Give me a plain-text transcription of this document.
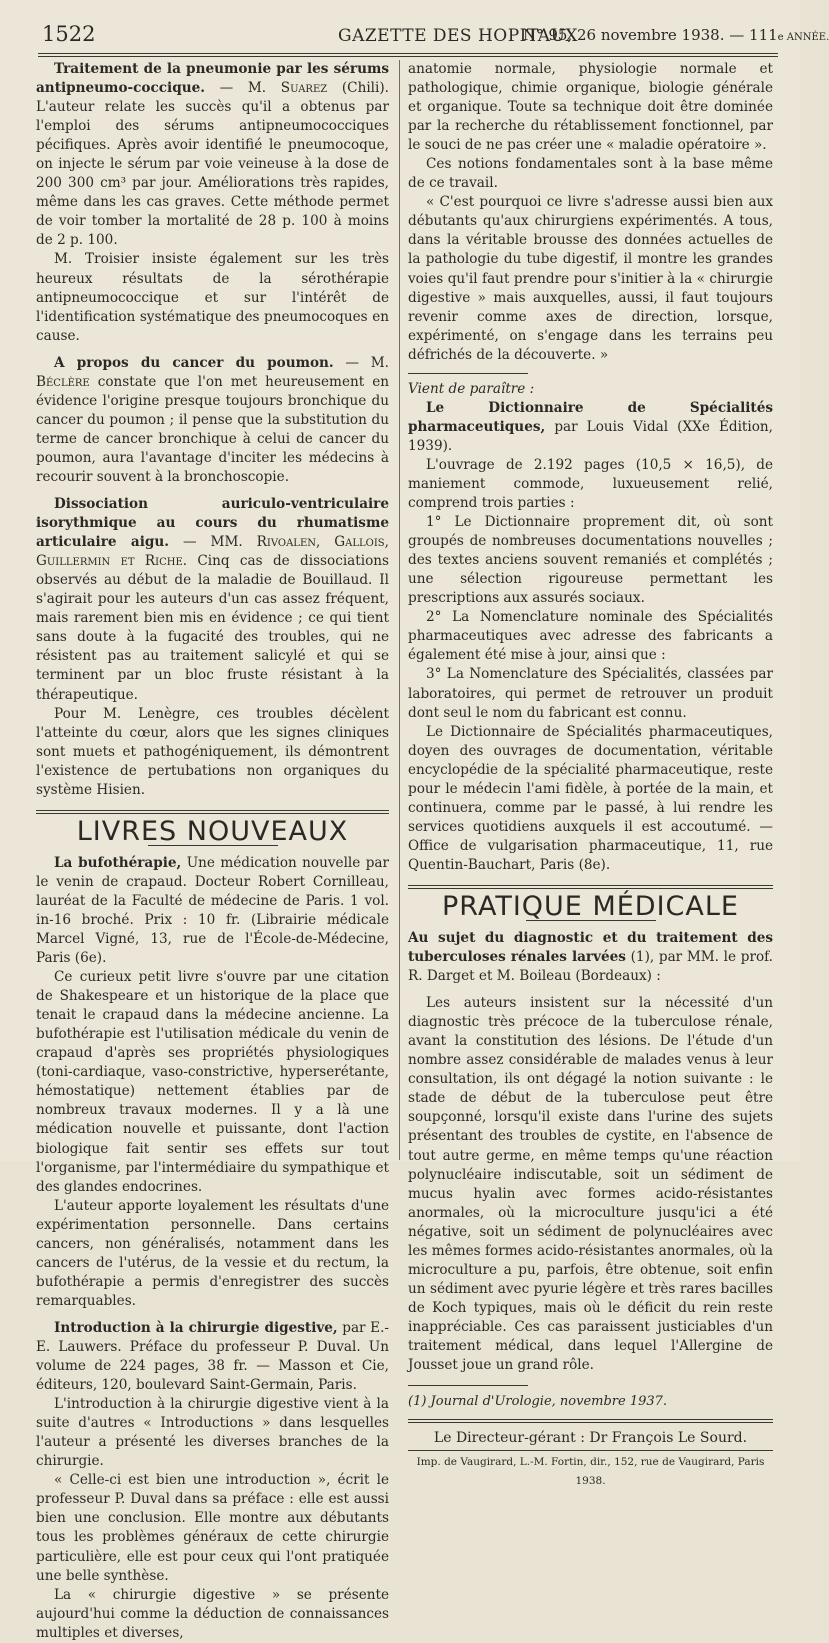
1522	GAZETTE DES HOPITAUX
N° 95, 26 novembre 1938. — 111e ANNÉE.

Traitement de la pneumonie par les sérums antipneumo-coccique. — M. Suarez (Chili). L'auteur relate les succès qu'il a obtenus par l'emploi des sérums antipneumococciques pécifiques. Après avoir identifié le pneumocoque, on injecte le sérum par voie veineuse à la dose de 200 300 cm³ par jour. Améliorations très rapides, même dans les cas graves. Cette méthode permet de voir tomber la mortalité de 28 p. 100 à moins de 2 p. 100.

M. Troisier insiste également sur les très heureux résultats de la sérothérapie antipneumococcique et sur l'intérêt de l'identification systématique des pneumocoques en cause.

A propos du cancer du poumon. — M. Béclère constate que l'on met heureusement en évidence l'origine presque toujours bronchique du cancer du poumon ; il pense que la substitution du terme de cancer bronchique à celui de cancer du poumon, aura l'avantage d'inciter les médecins à recourir souvent à la bronchoscopie.

Dissociation auriculo-ventriculaire isorythmique au cours du rhumatisme articulaire aigu. — MM. Rivoalen, Gallois, Guillermin et Riche. Cinq cas de dissociations observés au début de la maladie de Bouillaud. Il s'agirait pour les auteurs d'un cas assez fréquent, mais rarement bien mis en évidence ; ce qui tient sans doute à la fugacité des troubles, qui ne résistent pas au traitement salicylé et qui se terminent par un bloc fruste résistant à la thérapeutique.

Pour M. Lenègre, ces troubles décèlent l'atteinte du cœur, alors que les signes cliniques sont muets et pathogéniquement, ils démontrent l'existence de pertubations non organiques du système Hisien.

LIVRES NOUVEAUX

La bufothérapie, Une médication nouvelle par le venin de crapaud. Docteur Robert Cornilleau, lauréat de la Faculté de médecine de Paris. 1 vol. in-16 broché. Prix : 10 fr. (Librairie médicale Marcel Vigné, 13, rue de l'École-de-Médecine, Paris (6e).

Ce curieux petit livre s'ouvre par une citation de Shakespeare et un historique de la place que tenait le crapaud dans la médecine ancienne. La bufothérapie est l'utilisation médicale du venin de crapaud d'après ses propriétés physiologiques (toni-cardiaque, vaso-constrictive, hyperserétante, hémostatique) nettement établies par de nombreux travaux modernes. Il y a là une médication nouvelle et puissante, dont l'action biologique fait sentir ses effets sur tout l'organisme, par l'intermédiaire du sympathique et des glandes endocrines.

L'auteur apporte loyalement les résultats d'une expérimentation personnelle. Dans certains cancers, non généralisés, notamment dans les cancers de l'utérus, de la vessie et du rectum, la bufothérapie a permis d'enregistrer des succès remarquables.

Introduction à la chirurgie digestive, par E.-E. Lauwers. Préface du professeur P. Duval. Un volume de 224 pages, 38 fr. — Masson et Cie, éditeurs, 120, boulevard Saint-Germain, Paris.

L'introduction à la chirurgie digestive vient à la suite d'autres « Introductions » dans lesquelles l'auteur a présenté les diverses branches de la chirurgie.

« Celle-ci est bien une introduction », écrit le professeur P. Duval dans sa préface : elle est aussi bien une conclusion. Elle montre aux débutants tous les problèmes généraux de cette chirurgie particulière, elle est pour ceux qui l'ont pratiquée une belle synthèse.

La « chirurgie digestive » se présente aujourd'hui comme la déduction de connaissances multiples et diverses,

anatomie normale, physiologie normale et pathologique, chimie organique, biologie générale et organique. Toute sa technique doit être dominée par la recherche du rétablissement fonctionnel, par le souci de ne pas créer une « maladie opératoire ».

Ces notions fondamentales sont à la base même de ce travail.

« C'est pourquoi ce livre s'adresse aussi bien aux débutants qu'aux chirurgiens expérimentés. A tous, dans la véritable brousse des données actuelles de la pathologie du tube digestif, il montre les grandes voies qu'il faut prendre pour s'initier à la « chirurgie digestive » mais auxquelles, aussi, il faut toujours revenir comme axes de direction, lorsque, expérimenté, on s'engage dans les terrains peu défrichés de la découverte. »

Vient de paraître :

Le Dictionnaire de Spécialités pharmaceutiques, par Louis Vidal (XXe Édition, 1939).

L'ouvrage de 2.192 pages (10,5 × 16,5), de maniement commode, luxueusement relié, comprend trois parties :

1° Le Dictionnaire proprement dit, où sont groupés de nombreuses documentations nouvelles ; des textes anciens souvent remaniés et complétés ; une sélection rigoureuse permettant les prescriptions aux assurés sociaux.

2° La Nomenclature nominale des Spécialités pharmaceutiques avec adresse des fabricants a également été mise à jour, ainsi que :

3° La Nomenclature des Spécialités, classées par laboratoires, qui permet de retrouver un produit dont seul le nom du fabricant est connu.

Le Dictionnaire de Spécialités pharmaceutiques, doyen des ouvrages de documentation, véritable encyclopédie de la spécialité pharmaceutique, reste pour le médecin l'ami fidèle, à portée de la main, et continuera, comme par le passé, à lui rendre les services quotidiens auxquels il est accoutumé. — Office de vulgarisation pharmaceutique, 11, rue Quentin-Bauchart, Paris (8e).

PRATIQUE MÉDICALE

Au sujet du diagnostic et du traitement des tuberculoses rénales larvées (1), par MM. le prof. R. Darget et M. Boileau (Bordeaux) :

Les auteurs insistent sur la nécessité d'un diagnostic très précoce de la tuberculose rénale, avant la constitution des lésions. De l'étude d'un nombre assez considérable de malades venus à leur consultation, ils ont dégagé la notion suivante : le stade de début de la tuberculose peut être soupçonné, lorsqu'il existe dans l'urine des sujets présentant des troubles de cystite, en l'absence de tout autre germe, en même temps qu'une réaction polynucléaire indiscutable, soit un sédiment de mucus hyalin avec formes acido-résistantes anormales, où la microculture jusqu'ici a été négative, soit un sédiment de polynucléaires avec les mêmes formes acido-résistantes anormales, où la microculture a pu, parfois, être obtenue, soit enfin un sédiment avec pyurie légère et très rares bacilles de Koch typiques, mais où le déficit du rein reste inappréciable. Ces cas paraissent justiciables d'un traitement médical, dans lequel l'Allergine de Jousset joue un grand rôle.

(1) Journal d'Urologie, novembre 1937.

Le Directeur-gérant : Dr François Le Sourd.

Imp. de Vaugirard, L.-M. Fortin, dir., 152, rue de Vaugirard, Paris 1938.
